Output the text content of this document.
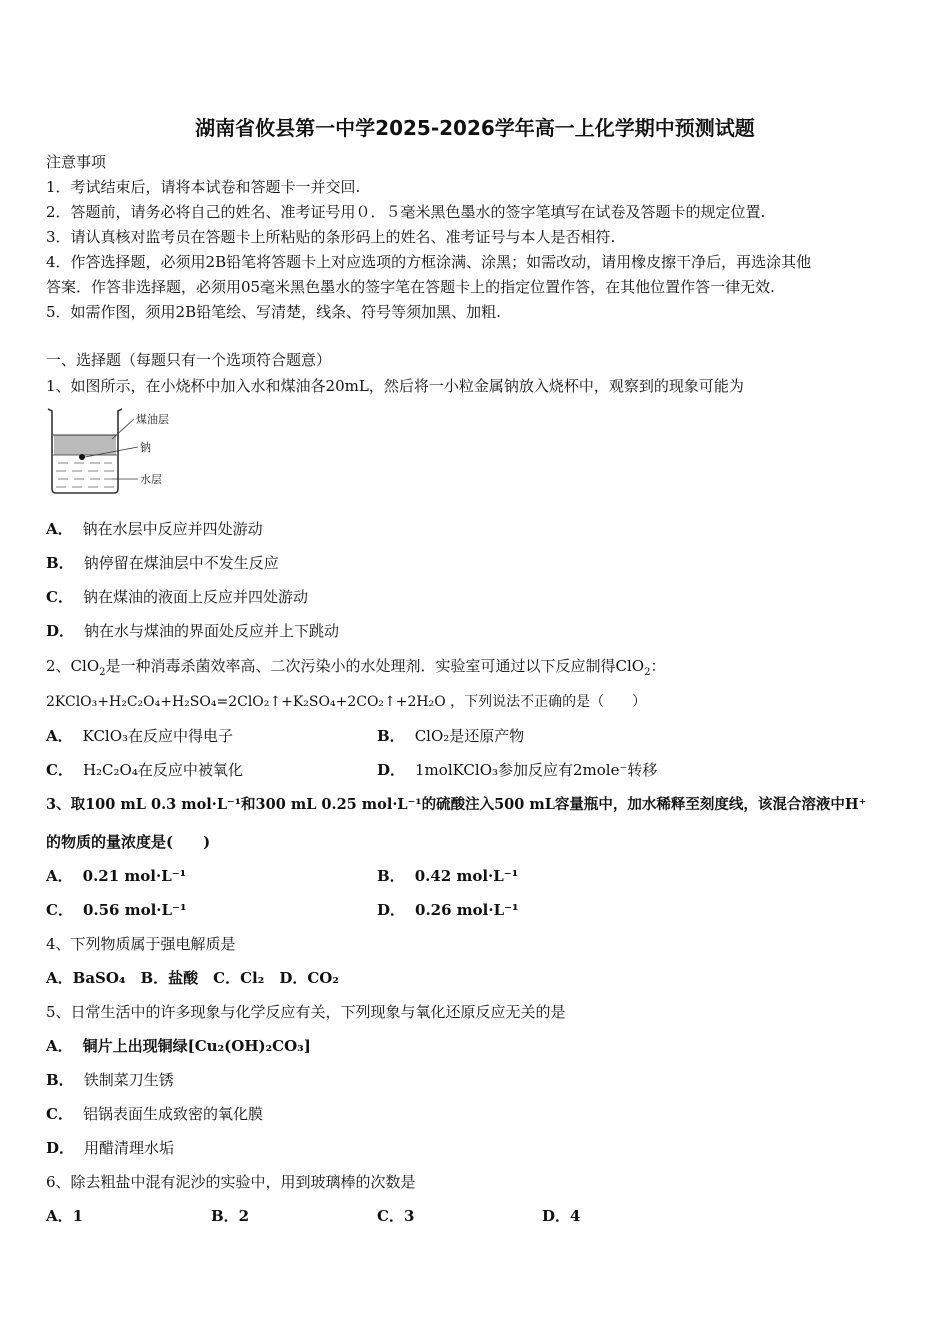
湖南省攸县第一中学2025-2026学年高一上化学期中预测试题
注意事项
1．考试结束后，请将本试卷和答题卡一并交回.
2．答题前，请务必将自己的姓名、准考证号用０．５毫米黑色墨水的签字笔填写在试卷及答题卡的规定位置.
3．请认真核对监考员在答题卡上所粘贴的条形码上的姓名、准考证号与本人是否相符.
4．作答选择题，必须用2B铅笔将答题卡上对应选项的方框涂满、涂黑；如需改动，请用橡皮擦干净后，再选涂其他
答案．作答非选择题，必须用05毫米黑色墨水的签字笔在答题卡上的指定位置作答，在其他位置作答一律无效.
5．如需作图，须用2B铅笔绘、写清楚，线条、符号等须加黑、加粗.
一、选择题（每题只有一个选项符合题意）
1、如图所示，在小烧杯中加入水和煤油各20mL，然后将一小粒金属钠放入烧杯中，观察到的现象可能为
煤油层
钠
水层
A． 钠在水层中反应并四处游动
B． 钠停留在煤油层中不发生反应
C． 钠在煤油的液面上反应并四处游动
D． 钠在水与煤油的界面处反应并上下跳动
2、ClO$_2$是一种消毒杀菌效率高、二次污染小的水处理剂．实验室可通过以下反应制得ClO$_2$：
2KClO₃+H₂C₂O₄+H₂SO₄=2ClO₂↑+K₂SO₄+2CO₂↑+2H₂O ，下列说法不正确的是（　　）
A． KClO₃在反应中得电子	B． ClO₂是还原产物
C． H₂C₂O₄在反应中被氧化	D． 1molKClO₃参加反应有2mole⁻转移
3、取100 mL 0.3 mol·L⁻¹和300 mL 0.25 mol·L⁻¹的硫酸注入500 mL容量瓶中，加水稀释至刻度线，该混合溶液中H⁺
的物质的量浓度是(　　)
A． 0.21 mol·L⁻¹	B． 0.42 mol·L⁻¹
C． 0.56 mol·L⁻¹	D． 0.26 mol·L⁻¹
4、下列物质属于强电解质是
A．BaSO₄　B．盐酸　C．Cl₂　D．CO₂
5、日常生活中的许多现象与化学反应有关，下列现象与氧化还原反应无关的是
A． 铜片上出现铜绿[Cu₂(OH)₂CO₃]
B． 铁制菜刀生锈
C． 铝锅表面生成致密的氧化膜
D． 用醋清理水垢
6、除去粗盐中混有泥沙的实验中，用到玻璃棒的次数是
A．1	B．2	C．3	D．4
